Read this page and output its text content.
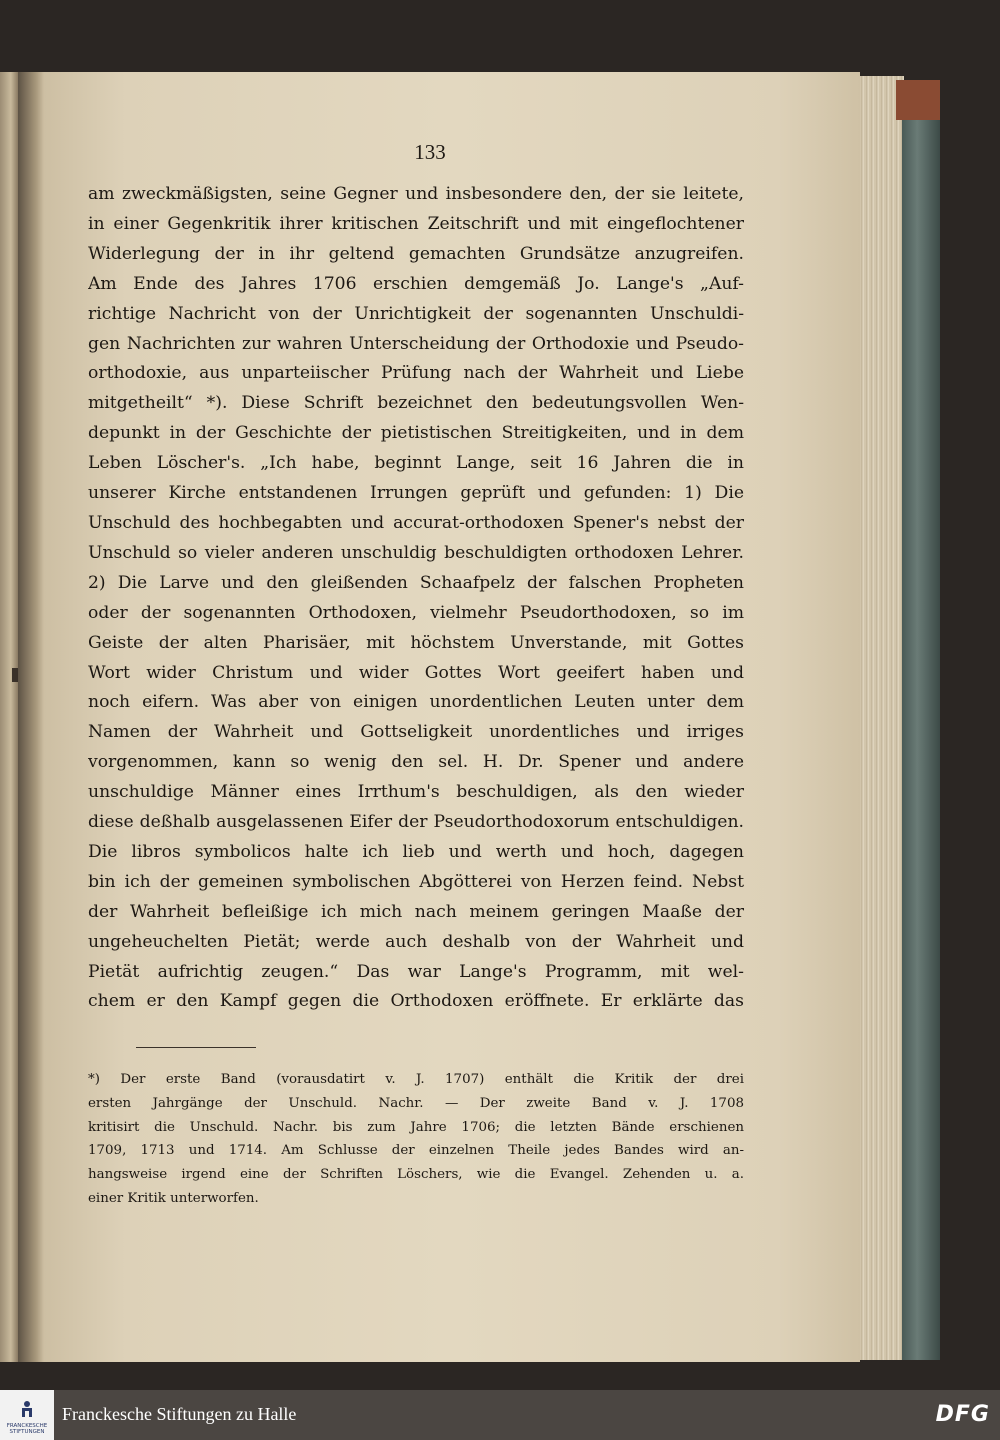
133
am zweckmäßigsten, seine Gegner und insbesondere den, der sie leitete,
in einer Gegenkritik ihrer kritischen Zeitschrift und mit eingeflochtener
Widerlegung der in ihr geltend gemachten Grundsätze anzugreifen.
Am Ende des Jahres 1706 erschien demgemäß Jo. Lange's „Auf-
richtige Nachricht von der Unrichtigkeit der sogenannten Unschuldi-
gen Nachrichten zur wahren Unterscheidung der Orthodoxie und Pseudo-
orthodoxie, aus unparteiischer Prüfung nach der Wahrheit und Liebe
mitgetheilt“ *). Diese Schrift bezeichnet den bedeutungsvollen Wen-
depunkt in der Geschichte der pietistischen Streitigkeiten, und in dem
Leben Löscher's. „Ich habe, beginnt Lange, seit 16 Jahren die in
unserer Kirche entstandenen Irrungen geprüft und gefunden: 1) Die
Unschuld des hochbegabten und accurat-orthodoxen Spener's nebst der
Unschuld so vieler anderen unschuldig beschuldigten orthodoxen Lehrer.
2) Die Larve und den gleißenden Schaafpelz der falschen Propheten
oder der sogenannten Orthodoxen, vielmehr Pseudorthodoxen, so im
Geiste der alten Pharisäer, mit höchstem Unverstande, mit Gottes
Wort wider Christum und wider Gottes Wort geeifert haben und
noch eifern. Was aber von einigen unordentlichen Leuten unter dem
Namen der Wahrheit und Gottseligkeit unordentliches und irriges
vorgenommen, kann so wenig den sel. H. Dr. Spener und andere
unschuldige Männer eines Irrthum's beschuldigen, als den wieder
diese deßhalb ausgelassenen Eifer der Pseudorthodoxorum entschuldigen.
Die libros symbolicos halte ich lieb und werth und hoch, dagegen
bin ich der gemeinen symbolischen Abgötterei von Herzen feind. Nebst
der Wahrheit befleißige ich mich nach meinem geringen Maaße der
ungeheuchelten Pietät; werde auch deshalb von der Wahrheit und
Pietät aufrichtig zeugen.“ Das war Lange's Programm, mit wel-
chem er den Kampf gegen die Orthodoxen eröffnete. Er erklärte das
*) Der erste Band (vorausdatirt v. J. 1707) enthält die Kritik der drei
ersten Jahrgänge der Unschuld. Nachr. — Der zweite Band v. J. 1708
kritisirt die Unschuld. Nachr. bis zum Jahre 1706; die letzten Bände erschienen
1709, 1713 und 1714. Am Schlusse der einzelnen Theile jedes Bandes wird an-
hangsweise irgend eine der Schriften Löschers, wie die Evangel. Zehenden u. a.
einer Kritik unterworfen.
FRANCKESCHE
STIFTUNGEN
Franckesche Stiftungen zu Halle	DFG
